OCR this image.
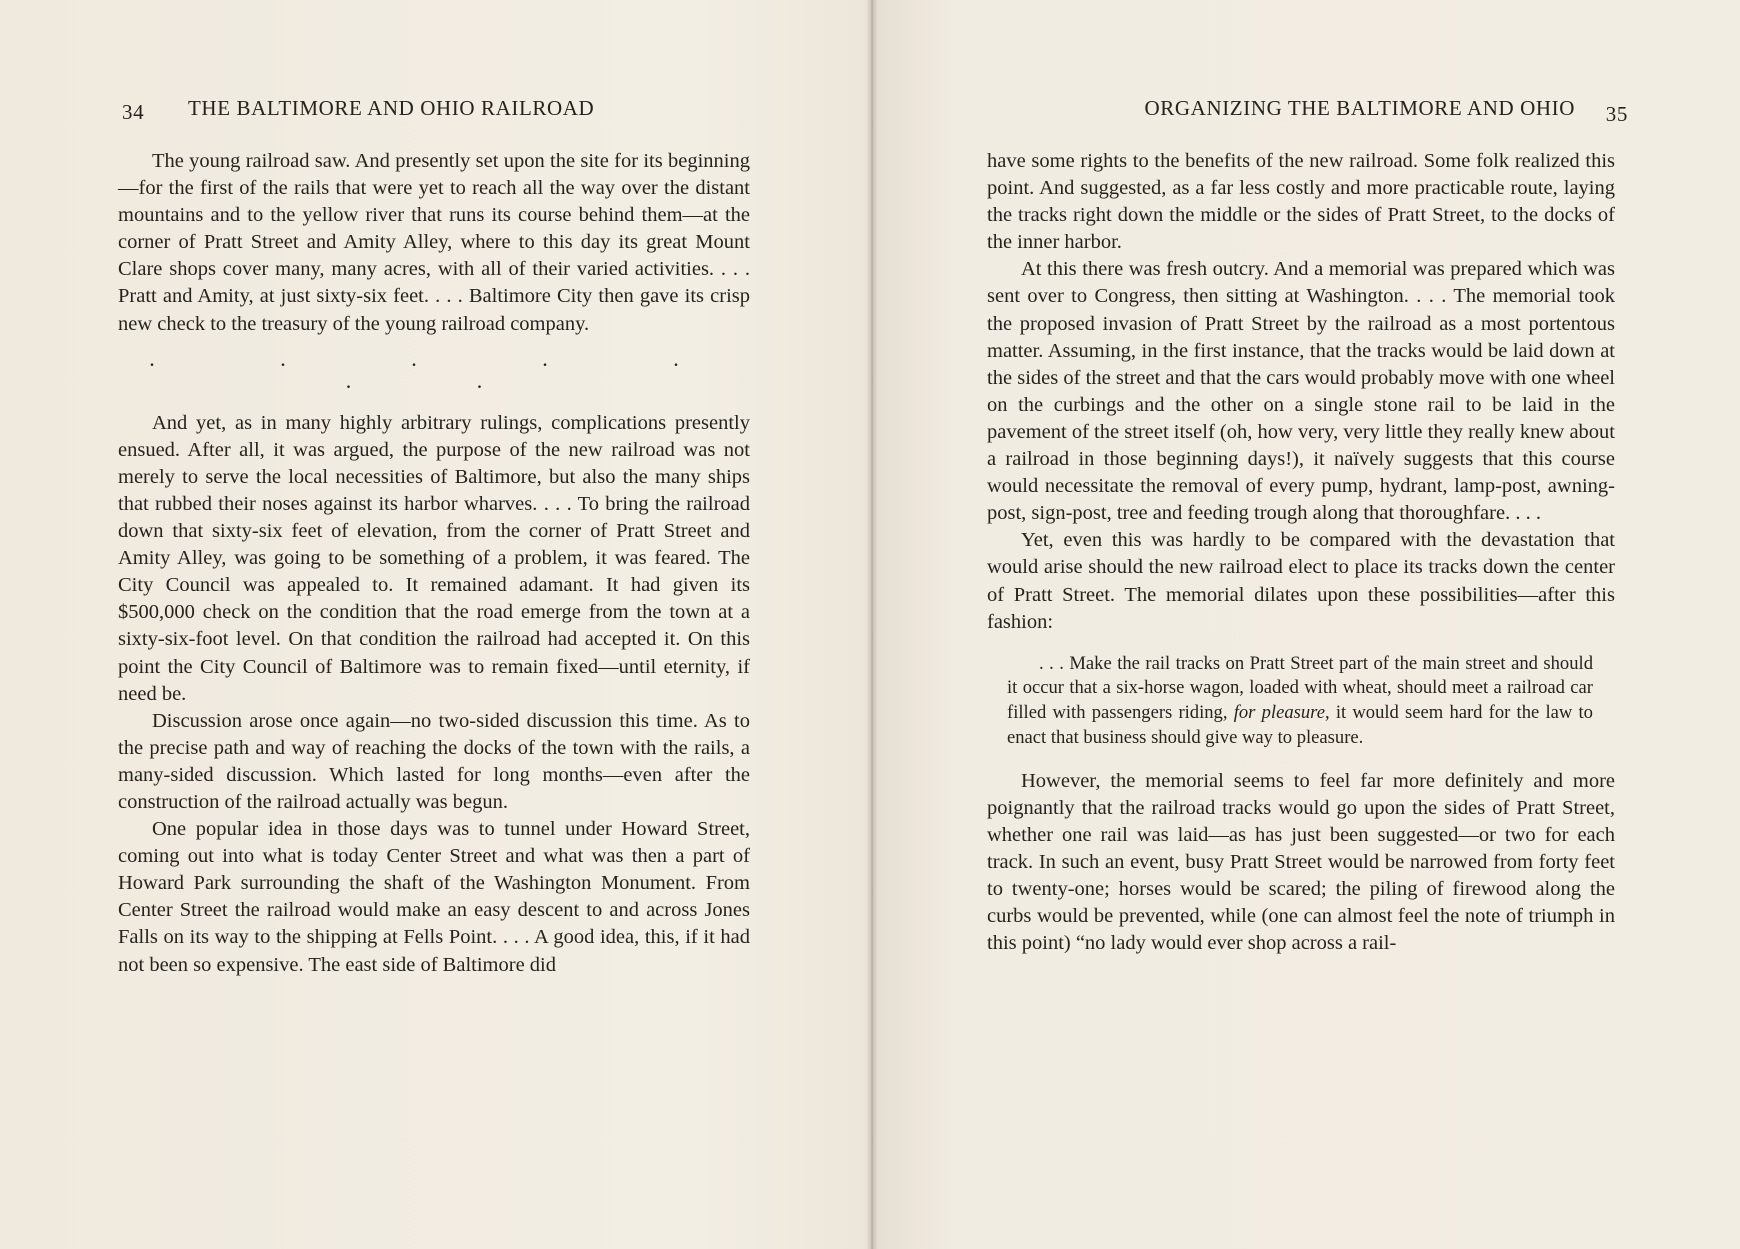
34 THE BALTIMORE AND OHIO RAILROAD

The young railroad saw. And presently set upon the site for its beginning—for the first of the rails that were yet to reach all the way over the distant mountains and to the yellow river that runs its course behind them—at the corner of Pratt Street and Amity Alley, where to this day its great Mount Clare shops cover many, many acres, with all of their varied activities. . . . Pratt and Amity, at just sixty-six feet. . . . Baltimore City then gave its crisp new check to the treasury of the young railroad company.

. . . . . . .

And yet, as in many highly arbitrary rulings, complications presently ensued. After all, it was argued, the purpose of the new railroad was not merely to serve the local necessities of Baltimore, but also the many ships that rubbed their noses against its harbor wharves. . . . To bring the railroad down that sixty-six feet of elevation, from the corner of Pratt Street and Amity Alley, was going to be something of a problem, it was feared. The City Council was appealed to. It remained adamant. It had given its $500,000 check on the condition that the road emerge from the town at a sixty-six-foot level. On that condition the railroad had accepted it. On this point the City Council of Baltimore was to remain fixed—until eternity, if need be.

Discussion arose once again—no two-sided discussion this time. As to the precise path and way of reaching the docks of the town with the rails, a many-sided discussion. Which lasted for long months—even after the construction of the railroad actually was begun.

One popular idea in those days was to tunnel under Howard Street, coming out into what is today Center Street and what was then a part of Howard Park surrounding the shaft of the Washington Monument. From Center Street the railroad would make an easy descent to and across Jones Falls on its way to the shipping at Fells Point. . . . A good idea, this, if it had not been so expensive. The east side of Baltimore did

ORGANIZING THE BALTIMORE AND OHIO 35

have some rights to the benefits of the new railroad. Some folk realized this point. And suggested, as a far less costly and more practicable route, laying the tracks right down the middle or the sides of Pratt Street, to the docks of the inner harbor.

At this there was fresh outcry. And a memorial was prepared which was sent over to Congress, then sitting at Washington. . . . The memorial took the proposed invasion of Pratt Street by the railroad as a most portentous matter. Assuming, in the first instance, that the tracks would be laid down at the sides of the street and that the cars would probably move with one wheel on the curbings and the other on a single stone rail to be laid in the pavement of the street itself (oh, how very, very little they really knew about a railroad in those beginning days!), it naïvely suggests that this course would necessitate the removal of every pump, hydrant, lamp-post, awning-post, sign-post, tree and feeding trough along that thoroughfare. . . .

Yet, even this was hardly to be compared with the devastation that would arise should the new railroad elect to place its tracks down the center of Pratt Street. The memorial dilates upon these possibilities—after this fashion:

. . . Make the rail tracks on Pratt Street part of the main street and should it occur that a six-horse wagon, loaded with wheat, should meet a railroad car filled with passengers riding, for pleasure, it would seem hard for the law to enact that business should give way to pleasure.

However, the memorial seems to feel far more definitely and more poignantly that the railroad tracks would go upon the sides of Pratt Street, whether one rail was laid—as has just been suggested—or two for each track. In such an event, busy Pratt Street would be narrowed from forty feet to twenty-one; horses would be scared; the piling of firewood along the curbs would be prevented, while (one can almost feel the note of triumph in this point) “no lady would ever shop across a rail-
